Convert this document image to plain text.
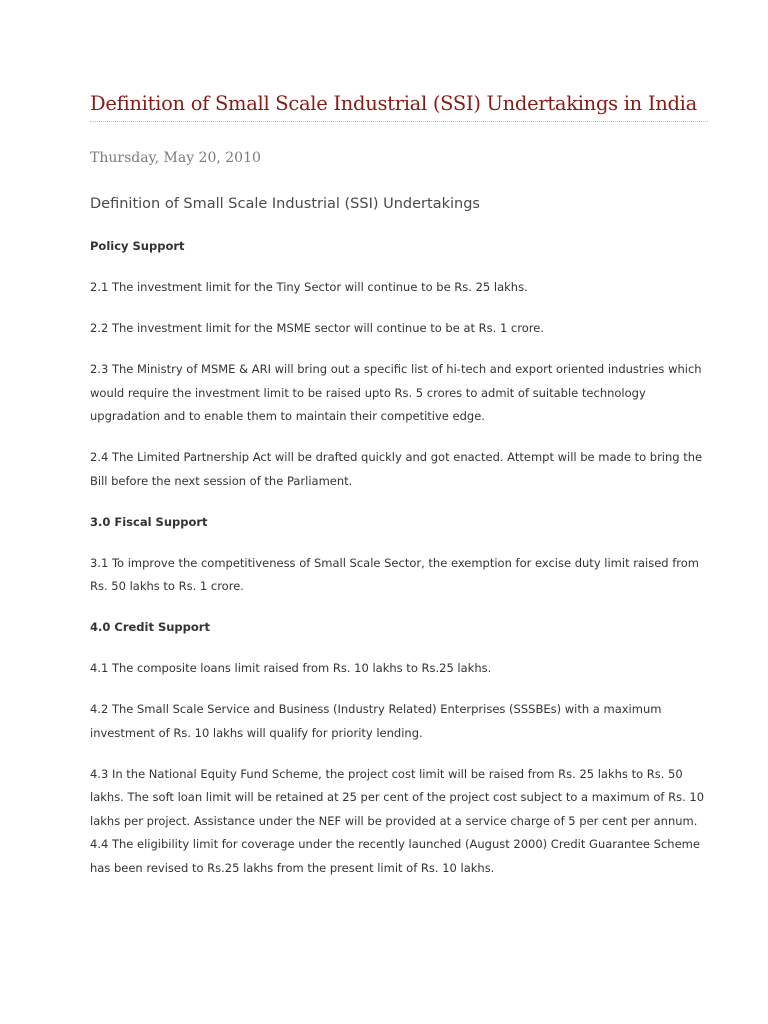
Definition of Small Scale Industrial (SSI) Undertakings in India
Thursday, May 20, 2010
Definition of Small Scale Industrial (SSI) Undertakings

Policy Support

2.1 The investment limit for the Tiny Sector will continue to be Rs. 25 lakhs.

2.2 The investment limit for the MSME sector will continue to be at Rs. 1 crore.

2.3 The Ministry of MSME & ARI will bring out a specific list of hi-tech and export oriented industries which would require the investment limit to be raised upto Rs. 5 crores to admit of suitable technology upgradation and to enable them to maintain their competitive edge.

2.4 The Limited Partnership Act will be drafted quickly and got enacted. Attempt will be made to bring the Bill before the next session of the Parliament.

3.0 Fiscal Support

3.1 To improve the competitiveness of Small Scale Sector, the exemption for excise duty limit raised from Rs. 50 lakhs to Rs. 1 crore.

4.0 Credit Support

4.1 The composite loans limit raised from Rs. 10 lakhs to Rs.25 lakhs.

4.2 The Small Scale Service and Business (Industry Related) Enterprises (SSSBEs) with a maximum investment of Rs. 10 lakhs will qualify for priority lending.

4.3 In the National Equity Fund Scheme, the project cost limit will be raised from Rs. 25 lakhs to Rs. 50 lakhs. The soft loan limit will be retained at 25 per cent of the project cost subject to a maximum of Rs. 10 lakhs per project. Assistance under the NEF will be provided at a service charge of 5 per cent per annum.

4.4 The eligibility limit for coverage under the recently launched (August 2000) Credit Guarantee Scheme has been revised to Rs.25 lakhs from the present limit of Rs. 10 lakhs.
